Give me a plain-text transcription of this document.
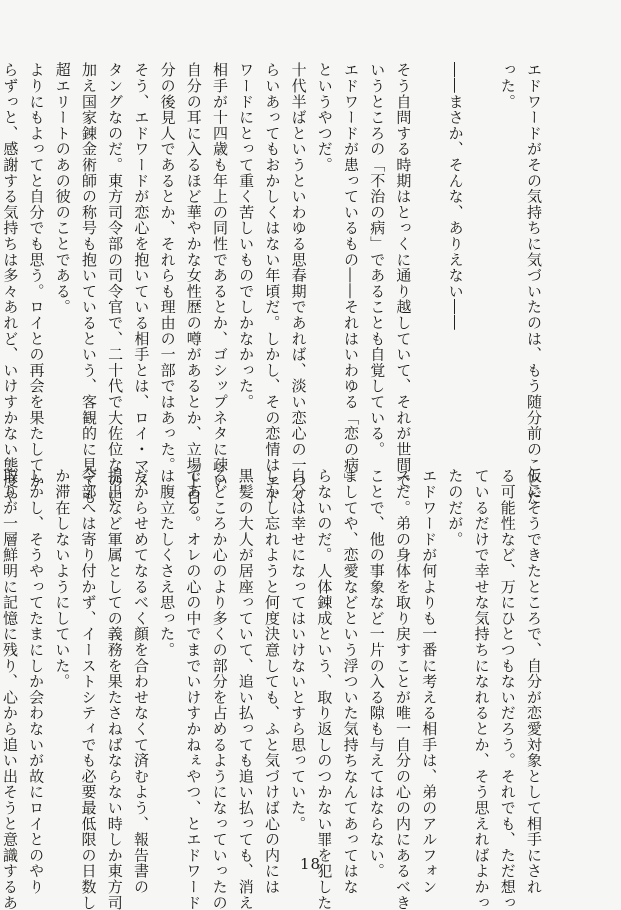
エドワードがその気持ちに気づいたのは、もう随分前のことだ
った。
――まさか、そんな、ありえない――
そう自問する時期はとっくに通り越していて、それが世間で
いうところの「不治の病」であることも自覚している。
エドワードが患っているもの――それはいわゆる「恋の病」
というやつだ。
十代半ばというといわゆる思春期であれば、淡い恋心の一つく
らいあってもおかしくはない年頃だ。しかし、その恋情はエド
ワードにとって重く苦しいものでしかなかった。
相手が十四歳も年上の同性であるとか、ゴシップネタに疎い
自分の耳に入るほど華やかな女性歴の噂があるとか、立場上自
分の後見人であるとか、それらも理由の一部ではあった。
そう、エドワードが恋心を抱いている相手とは、ロイ・マス
タングなのだ。東方司令部の司令官で、二十代で大佐位なのに
加え国家錬金術師の称号も抱いているという、客観的に見ても
超エリートのあの彼のことである。
よりにもよってと自分でも思う。ロイとの再会を果たしてか
らずっと、感謝する気持ちは多々あれど、いけすかない態度や
仮にそうできたところで、自分が恋愛対象として相手にされ
る可能性など、万にひとつもないだろう。それでも、ただ想っ
ているだけで幸せな気持ちになれるとか、そう思えればよかっ
たのだが。
エドワードが何よりも一番に考える相手は、弟のアルフォン
スだ。弟の身体を取り戻すことが唯一自分の心の内にあるべき
ことで、他の事象など一片の入る隙も与えてはならない。
ましてや、恋愛などという浮ついた気持ちなんてあってはな
らないのだ。人体錬成という、取り返しのつかない罪を犯した
自分は幸せになってはいけないとすら思っていた。
しかし忘れようと何度決意しても、ふと気づけば心の内には
黒髪の大人が居座っていて、追い払っても追い払っても、消え
るどころか心のより多くの部分を占めるようになっていったの
である。オレの心の中でまでいけすかねぇやつ、とエドワード
は腹立たしくさえ思った。
だからせめてなるべく顔を合わせなくて済むよう、報告書の
提出など軍属としての義務を果たさねばならない時しか東方司
令部へは寄り付かず、イーストシティでも必要最低限の日数し
か滞在しないようにしていた。
しかし、そうやってたまにしか会わないが故にロイとのやり
取りが一層鮮明に記憶に残り、心から追い出そうと意識するあ	18
